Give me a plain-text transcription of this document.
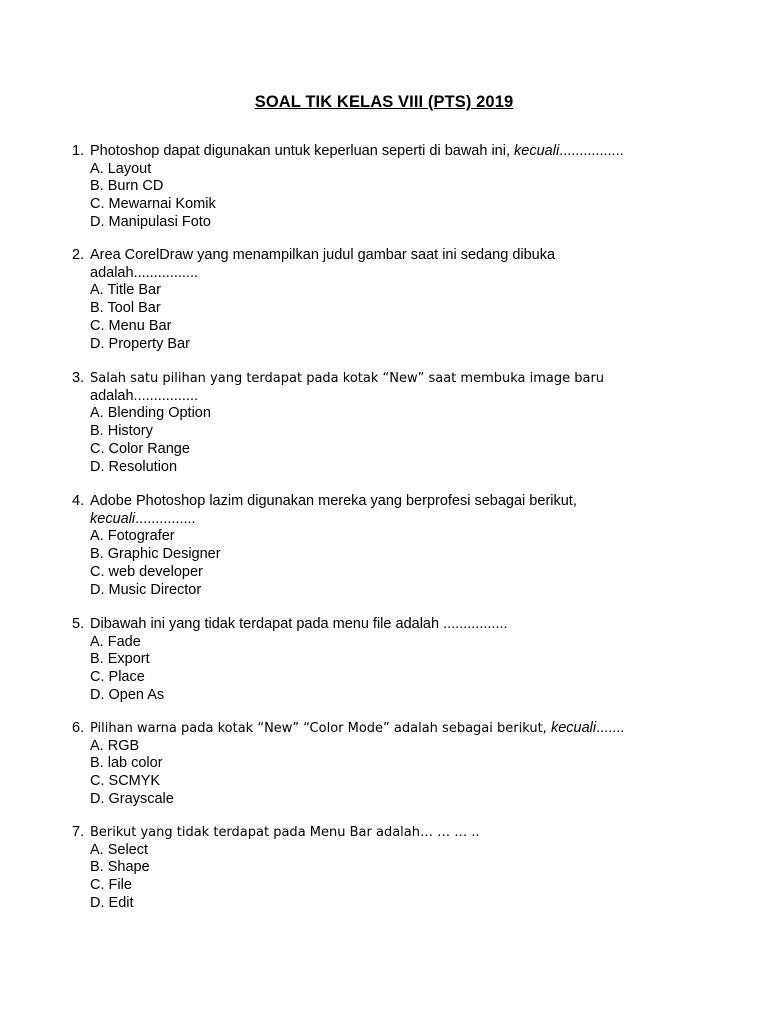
SOAL TIK KELAS VIII (PTS) 2019
1. Photoshop dapat digunakan untuk keperluan seperti di bawah ini, kecuali................
A. Layout
B. Burn CD
C. Mewarnai Komik
D. Manipulasi Foto
2. Area CorelDraw yang menampilkan judul gambar saat ini sedang dibuka
adalah................
A. Title Bar
B. Tool Bar
C. Menu Bar
D. Property Bar
3. Salah satu pilihan yang terdapat pada kotak “New” saat membuka image baru
adalah................
A. Blending Option
B. History
C. Color Range
D. Resolution
4. Adobe Photoshop lazim digunakan mereka yang berprofesi sebagai berikut,
kecuali...............
A. Fotografer
B. Graphic Designer
C. web developer
D. Music Director
5. Dibawah ini yang tidak terdapat pada menu file adalah ................
A. Fade
B. Export
C. Place
D. Open As
6. Pilihan warna pada kotak “New” “Color Mode” adalah sebagai berikut, kecuali.......
A. RGB
B. lab color
C. SCMYK
D. Grayscale
7. Berikut yang tidak terdapat pada Menu Bar adalah… … … ..
A. Select
B. Shape
C. File
D. Edit
